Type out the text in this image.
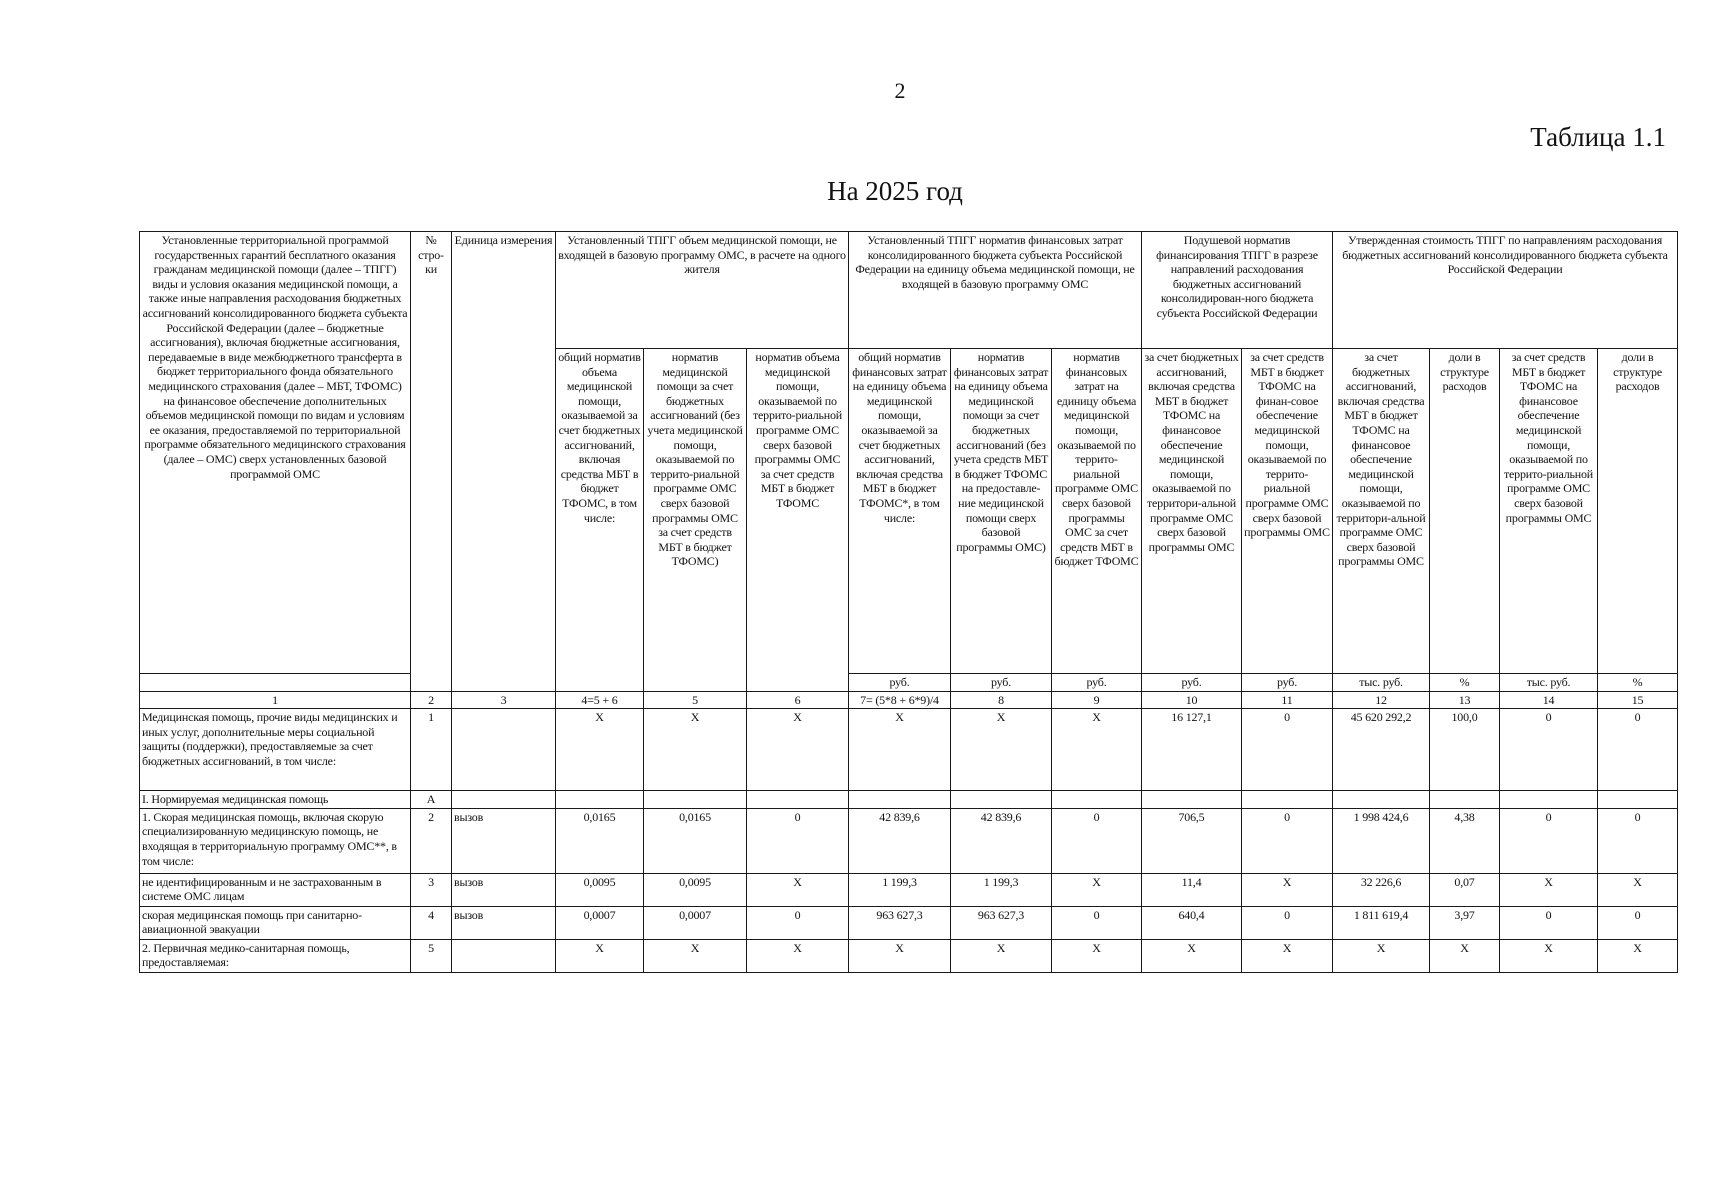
2
Таблица 1.1
На 2025 год
Установленные территориальной программой государственных гарантий бесплатного оказания гражданам медицинской помощи (далее – ТПГГ) виды и условия оказания медицинской помощи, а также иные направления расходования бюджетных ассигнований консолидированного бюджета субъекта Российской Федерации (далее – бюджетные ассигнования), включая бюджетные ассигнования, передаваемые в виде межбюджетного трансферта в бюджет территориального фонда обязательного медицинского страхования (далее – МБТ, ТФОМС) на финансовое обеспечение дополнительных объемов медицинской помощи по видам и условиям ее оказания, предоставляемой по территориальной программе обязательного медицинского страхования (далее – ОМС) сверх установленных базовой программой ОМС	№ стро-ки	Единица измерения	Установленный ТПГГ объем медицинской помощи, не входящей в базовую программу ОМС, в расчете на одного жителя			Установленный ТПГГ норматив финансовых затрат консолидированного бюджета субъекта Российской Федерации на единицу объема медицинской помощи, не входящей в базовую программу ОМС			Подушевой норматив финансирования ТПГГ в разрезе направлений расходования бюджетных ассигнований консолидирован-ного бюджета субъекта Российской Федерации		Утвержденная стоимость ТПГГ по направлениям расходования бюджетных ассигнований консолидированного бюджета субъекта Российской Федерации			
			общий норматив объема медицинской помощи, оказываемой за счет бюджетных ассигнований, включая средства МБТ в бюджет ТФОМС, в том числе:	норматив медицинской помощи за счет бюджетных ассигнований (без учета медицинской помощи, оказываемой по террито-риальной программе ОМС сверх базовой программы ОМС за счет средств МБТ в бюджет ТФОМС)	норматив объема медицинской помощи, оказываемой по террито-риальной программе ОМС сверх базовой программы ОМС за счет средств МБТ в бюджет ТФОМС	общий норматив финансовых затрат на единицу объема медицинской помощи, оказываемой за счет бюджетных ассигнований, включая средства МБТ в бюджет ТФОМС*, в том числе:	норматив финансовых затрат на единицу объема медицинской помощи за счет бюджетных ассигнований (без учета средств МБТ в бюджет ТФОМС на предоставле-ние медицинской помощи сверх базовой программы ОМС)	норматив финансовых затрат на единицу объема медицинской помощи, оказываемой по террито-риальной программе ОМС сверх базовой программы ОМС за счет средств МБТ в бюджет ТФОМС	за счет бюджетных ассигнований, включая средства МБТ в бюджет ТФОМС на финансовое обеспечение медицинской помощи, оказываемой по территори-альной программе ОМС сверх базовой программы ОМС	за счет средств МБТ в бюджет ТФОМС на финан-совое обеспечение медицинской помощи, оказываемой по террито-риальной программе ОМС сверх базовой программы ОМС	за счет бюджетных ассигнований, включая средства МБТ в бюджет ТФОМС на финансовое обеспечение медицинской помощи, оказываемой по территори-альной программе ОМС сверх базовой программы ОМС	доли в структуре расходов	за счет средств МБТ в бюджет ТФОМС на финансовое обеспечение медицинской помощи, оказываемой по террито-риальной программе ОМС сверх базовой программы ОМС	доли в структуре расходов
						руб.	руб.	руб.	руб.	руб.	тыс. руб.	%	тыс. руб.	%
1	2	3	4=5 + 6	5	6	7= (5*8 + 6*9)/4	8	9	10	11	12	13	14	15
Медицинская помощь, прочие виды медицинских и иных услуг, дополнительные меры социальной защиты (поддержки), предоставляемые за счет бюджетных ассигнований, в том числе:	1		X	X	X	X	X	X	16 127,1	0	45 620 292,2	100,0	0	0
I. Нормируемая медицинская помощь	A													
1. Скорая медицинская помощь, включая скорую специализированную медицинскую помощь, не входящая в территориальную программу ОМС**, в том числе:	2	вызов	0,0165	0,0165	0	42 839,6	42 839,6	0	706,5	0	1 998 424,6	4,38	0	0
не идентифицированным и не застрахованным в системе ОМС лицам	3	вызов	0,0095	0,0095	X	1 199,3	1 199,3	X	11,4	X	32 226,6	0,07	X	X
скорая медицинская помощь при санитарно-авиационной эвакуации	4	вызов	0,0007	0,0007	0	963 627,3	963 627,3	0	640,4	0	1 811 619,4	3,97	0	0
2. Первичная медико-санитарная помощь, предоставляемая:	5		X	X	X	X	X	X	X	X	X	X	X	X
